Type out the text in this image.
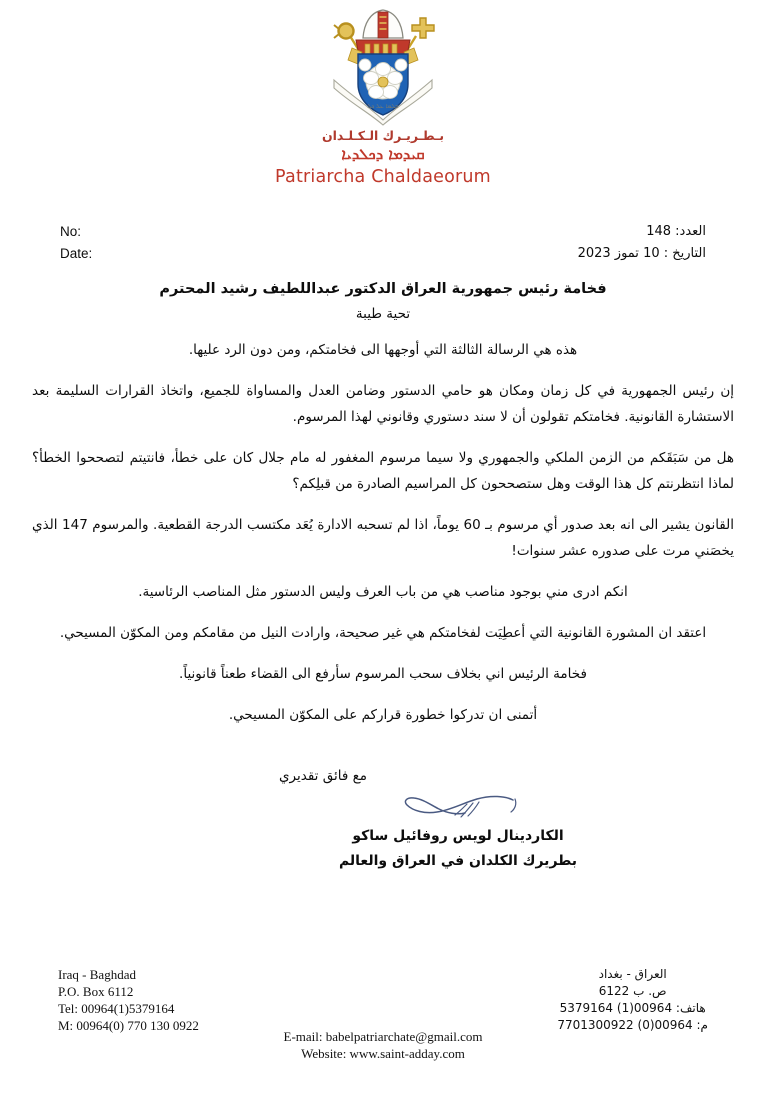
ܫܠܡܐ ܥܠ ܟܠ
بـطـريـرك الـكـلـدان
ܩܝܕܡܐ ܕܟܠܕܝܐ
Patriarcha Chaldaeorum
No:
Date:
العدد: 148
التاريخ : 10 تموز 2023
فخامة رئيس جمهورية العراق الدكتور عبداللطيف رشيد المحترم
تحية طيبة
هذه هي الرسالة الثالثة التي أوجهها الى فخامتكم، ومن دون الرد عليها.
إن رئيس الجمهورية في كل زمان ومكان هو حامي الدستور وضامن العدل والمساواة للجميع، واتخاذ القرارات السليمة بعد الاستشارة القانونية. فخامتكم تقولون أن لا سند دستوري وقانوني لهذا المرسوم.
هل من سَبَقَكم من الزمن الملكي والجمهوري ولا سيما مرسوم المغفور له مام جلال كان على خطأ، فانتيتم لتصححوا الخطأ؟ لماذا انتظرنتم كل هذا الوقت وهل ستصححون كل المراسيم الصادرة من قبلِكم؟
القانون يشير الى انه بعد صدور أي مرسوم بـ 60 يوماً، اذا لم تسحبه الادارة يُعَد مكتسب الدرجة القطعية. والمرسوم 147 الذي يخصَني مرت على صدوره عشر سنوات!
انكم ادرى مني بوجود مناصب هي من باب العرف وليس الدستور مثل المناصب الرئاسية.
اعتقد ان المشورة القانونية التي أعطِيَت لفخامتكم هي غير صحيحة، وارادت النيل من مقامكم ومن المكوّن المسيحي.
فخامة الرئيس اني بخلاف سحب المرسوم سأرفع الى القضاء طعناً قانونياً.
أتمنى ان تدركوا خطورة قراركم على المكوّن المسيحي.
مع فائق تقديري
الكاردينال لويس روفائيل ساكو
بطريرك الكلدان في العراق والعالم
Iraq - Baghdad
P.O. Box 6112
Tel: 00964(1)5379164
M: 00964(0) 770 130 0922
العراق - بغداد
ص. ب 6122
هاتف: 00964(1) 5379164
م: 00964(0) 7701300922
E-mail: babelpatriarchate@gmail.com
Website: www.saint-adday.com
